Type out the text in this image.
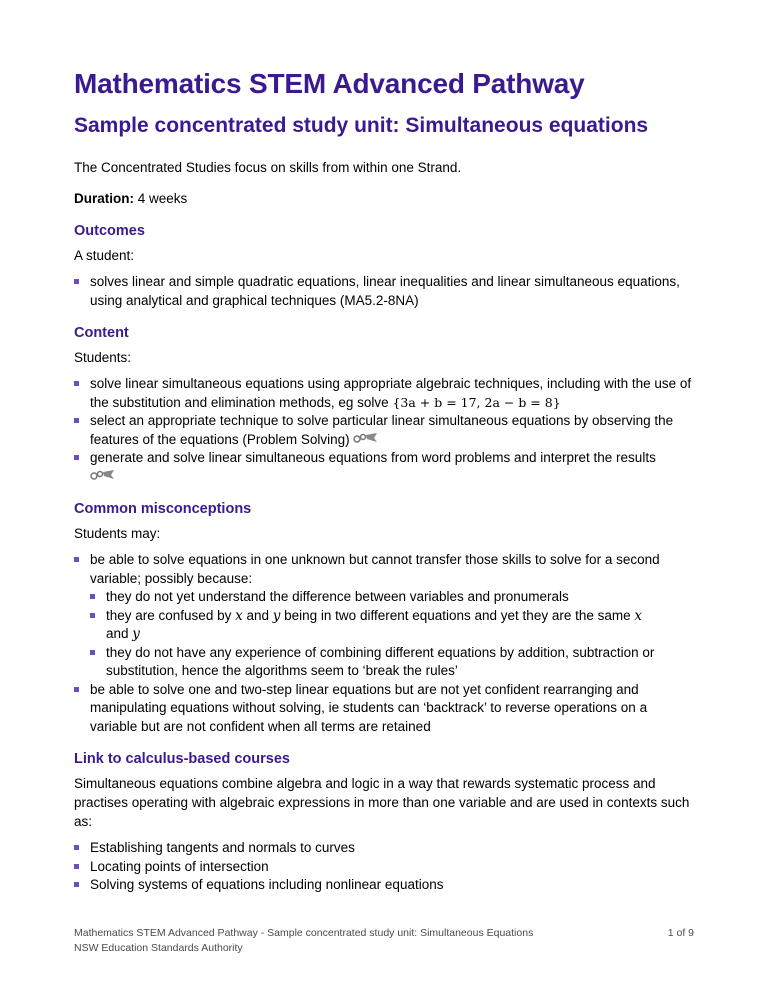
Mathematics STEM Advanced Pathway
Sample concentrated study unit: Simultaneous equations

The Concentrated Studies focus on skills from within one Strand.

Duration: 4 weeks

Outcomes

A student:

solves linear and simple quadratic equations, linear inequalities and linear simultaneous equations, using analytical and graphical techniques (MA5.2-8NA)
Content

Students:

solve linear simultaneous equations using appropriate algebraic techniques, including with the use of the substitution and elimination methods, eg solve {3a + b = 17, 2a − b = 8}
select an appropriate technique to solve particular linear simultaneous equations by observing the features of the equations (Problem Solving)
generate and solve linear simultaneous equations from word problems and interpret the results

Common misconceptions

Students may:

be able to solve equations in one unknown but cannot transfer those skills to solve for a second variable; possibly because:
they do not yet understand the difference between variables and pronumerals
they are confused by x and y being in two different equations and yet they are the same x
and y
they do not have any experience of combining different equations by addition, subtraction or substitution, hence the algorithms seem to ‘break the rules’
be able to solve one and two-step linear equations but are not yet confident rearranging and manipulating equations without solving, ie students can ‘backtrack’ to reverse operations on a variable but are not confident when all terms are retained
Link to calculus-based courses

Simultaneous equations combine algebra and logic in a way that rewards systematic process and practises operating with algebraic expressions in more than one variable and are used in contexts such as:

Establishing tangents and normals to curves
Locating points of intersection
Solving systems of equations including nonlinear equations
Mathematics STEM Advanced Pathway - Sample concentrated study unit: Simultaneous Equations
NSW Education Standards Authority
1 of 9
